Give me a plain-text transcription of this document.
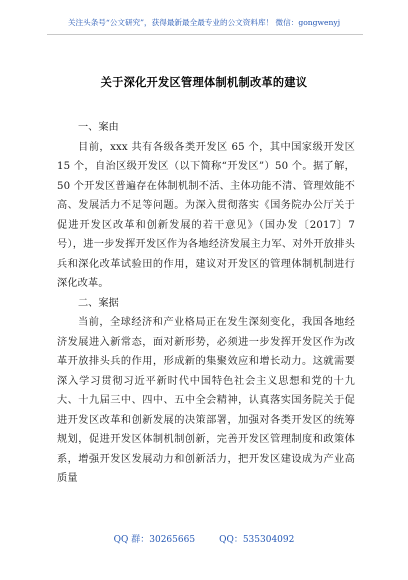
关注头条号“公文研究”，获得最新最全最专业的公文资料库！ 微信：gongwenyj
关于深化开发区管理体制机制改革的建议

一、案由

目前，xxx 共有各级各类开发区 65 个，其中国家级开发区 15 个，自治区级开发区（以下简称“开发区”）50 个。据了解，50 个开发区普遍存在体制机制不活、主体功能不清、管理效能不高、发展活力不足等问题。为深入贯彻落实《国务院办公厅关于促进开发区改革和创新发展的若干意见》（国办发〔2017〕7 号），进一步发挥开发区作为各地经济发展主力军、对外开放排头兵和深化改革试验田的作用，建议对开发区的管理体制机制进行深化改革。

二、案据

当前，全球经济和产业格局正在发生深刻变化，我国各地经济发展进入新常态，面对新形势，必须进一步发挥开发区作为改革开放排头兵的作用，形成新的集聚效应和增长动力。这就需要深入学习贯彻习近平新时代中国特色社会主义思想和党的十九大、十九届三中、四中、五中全会精神，认真落实国务院关于促进开发区改革和创新发展的决策部署，加强对各类开发区的统筹规划，促进开发区体制机制创新，完善开发区管理制度和政策体系，增强开发区发展动力和创新活力，把开发区建设成为产业高质量

QQ 群：30265665	QQ：535304092
